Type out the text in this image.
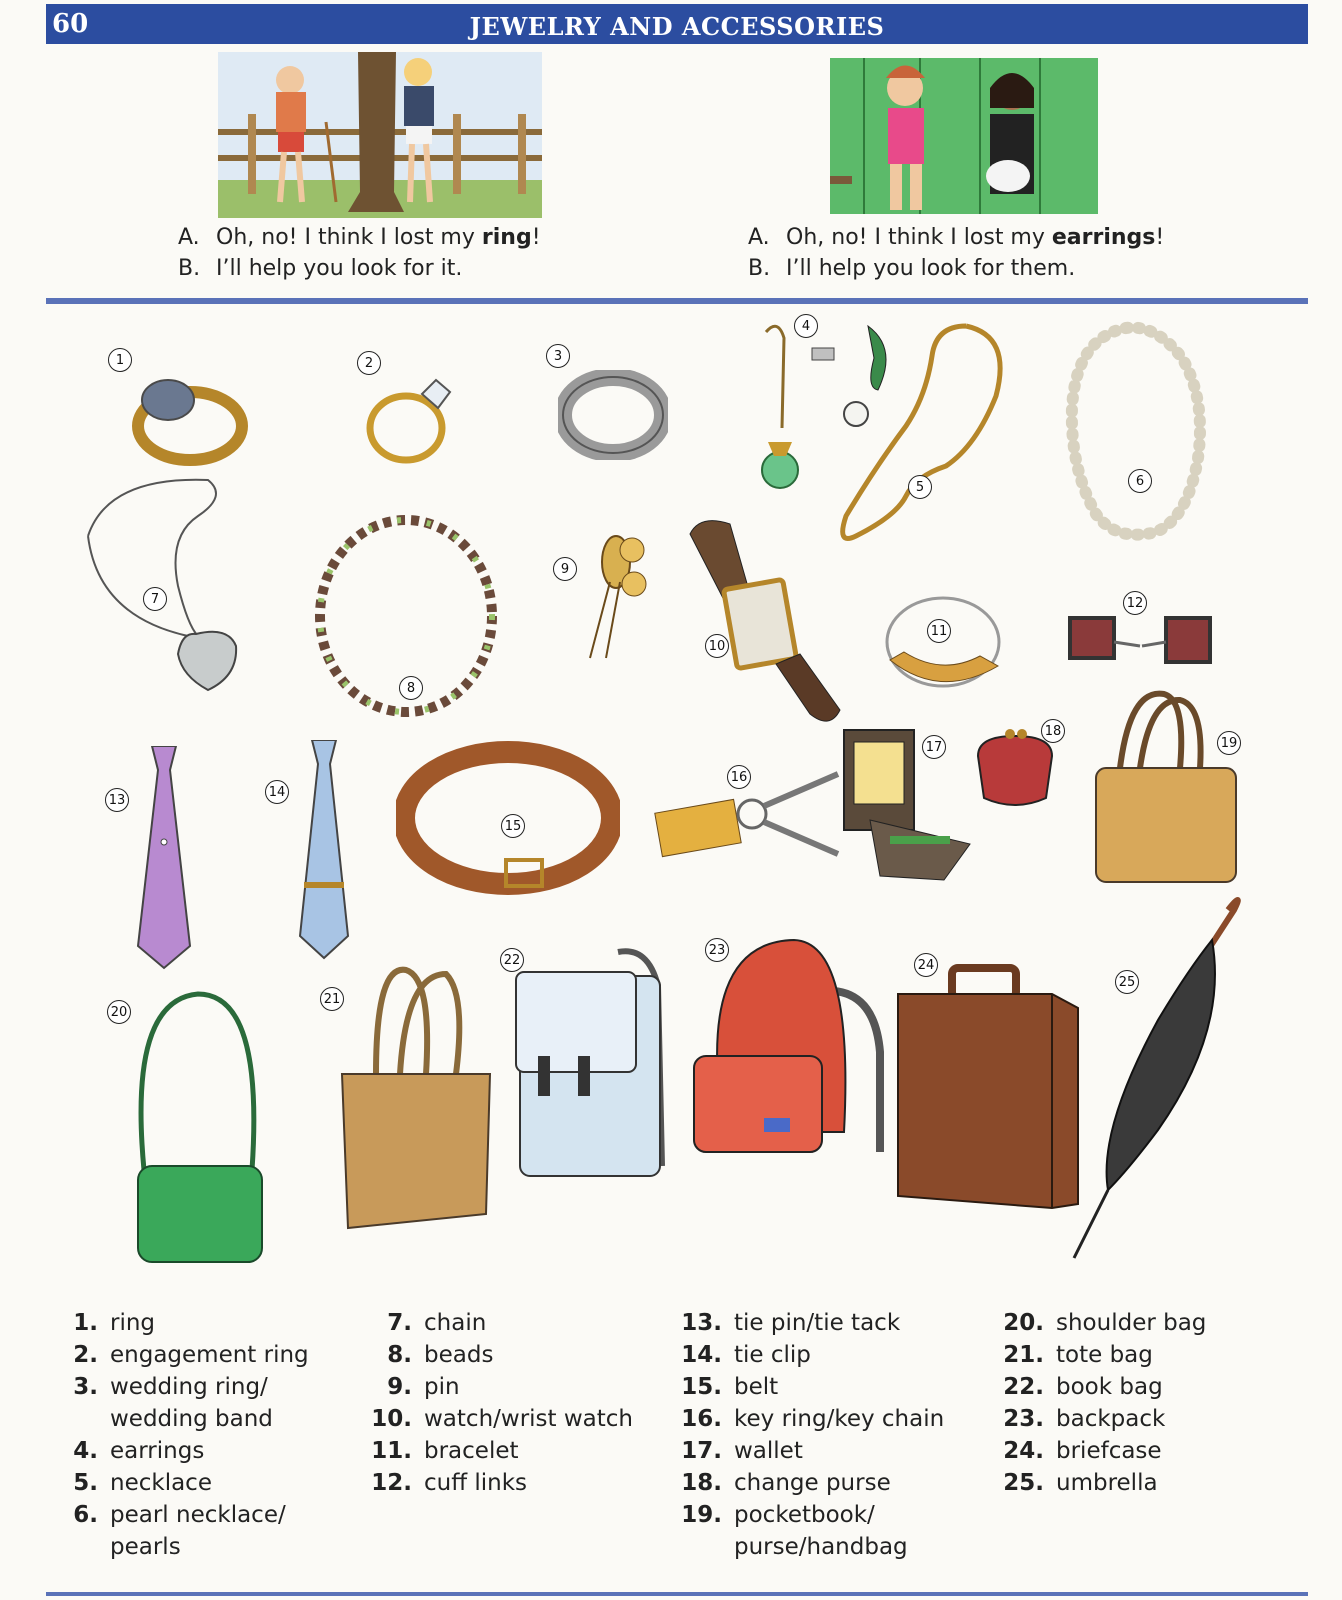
60	JEWELRY AND ACCESSORIES
A. Oh, no! I think I lost my ring!
B. I’ll help you look for it.
A. Oh, no! I think I lost my earrings!
B. I’ll help you look for them.
1	2	3
4
5	6
7
8
9
10
11
12
13
14
15
16
17
18
19
20
21
22
23
24
25
1. ring
2. engagement ring
3. wedding ring/
wedding band
4. earrings
5. necklace
6. pearl necklace/
pearls
7. chain
8. beads
9. pin
10. watch/wrist watch
11. bracelet
12. cuff links
13. tie pin/tie tack
14. tie clip
15. belt
16. key ring/key chain
17. wallet
18. change purse
19. pocketbook/
purse/handbag
20. shoulder bag
21. tote bag
22. book bag
23. backpack
24. briefcase
25. umbrella
